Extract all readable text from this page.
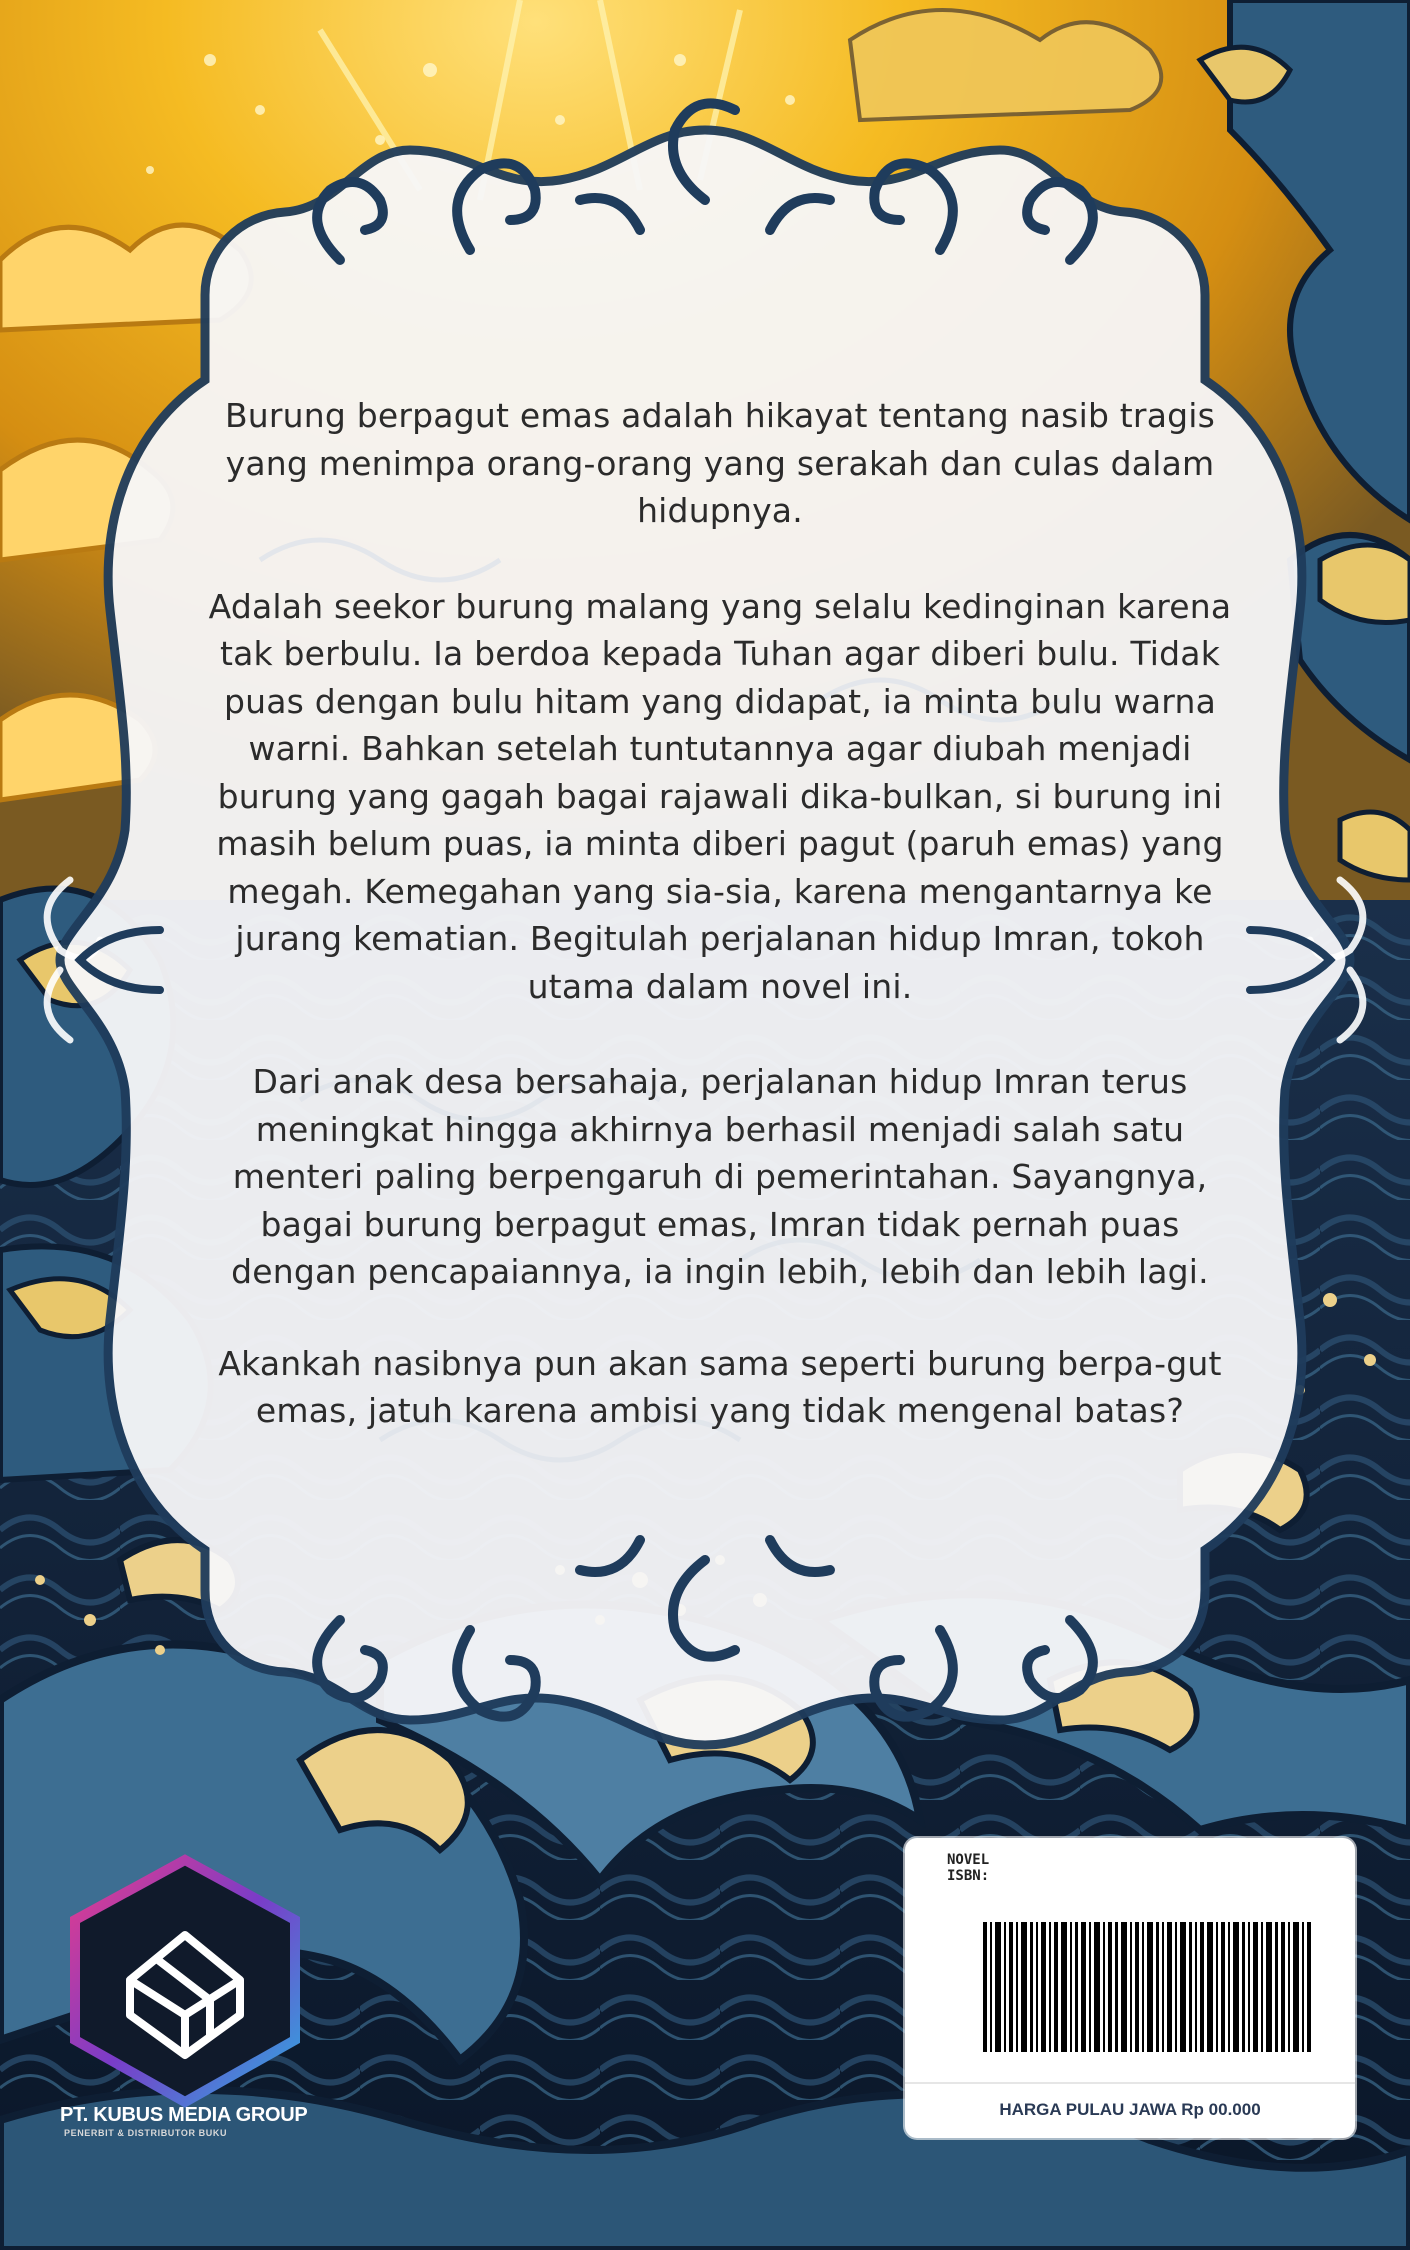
Burung berpagut emas adalah hikayat tentang nasib tragis yang menimpa orang-orang yang serakah dan culas dalam hidupnya.

Adalah seekor burung malang yang selalu kedinginan karena tak berbulu. Ia berdoa kepada Tuhan agar diberi bulu. Tidak puas dengan bulu hitam yang didapat, ia minta bulu warna warni. Bahkan setelah tuntutannya agar diubah menjadi burung yang gagah bagai rajawali dika-bulkan, si burung ini masih belum puas, ia minta diberi pagut (paruh emas) yang megah. Kemegahan yang sia-sia, karena mengantarnya ke jurang kematian. Begitulah perjalanan hidup Imran, tokoh utama dalam novel ini.

Dari anak desa bersahaja, perjalanan hidup Imran terus meningkat hingga akhirnya berhasil menjadi salah satu menteri paling berpengaruh di pemerintahan. Sayangnya, bagai burung berpagut emas, Imran tidak pernah puas dengan pencapaiannya, ia ingin lebih, lebih dan lebih lagi.

Akankah nasibnya pun akan sama seperti burung berpa-gut emas, jatuh karena ambisi yang tidak mengenal batas?

PT. KUBUS MEDIA GROUP
PENERBIT & DISTRIBUTOR BUKU
NOVEL
ISBN:
HARGA PULAU JAWA Rp 00.000
